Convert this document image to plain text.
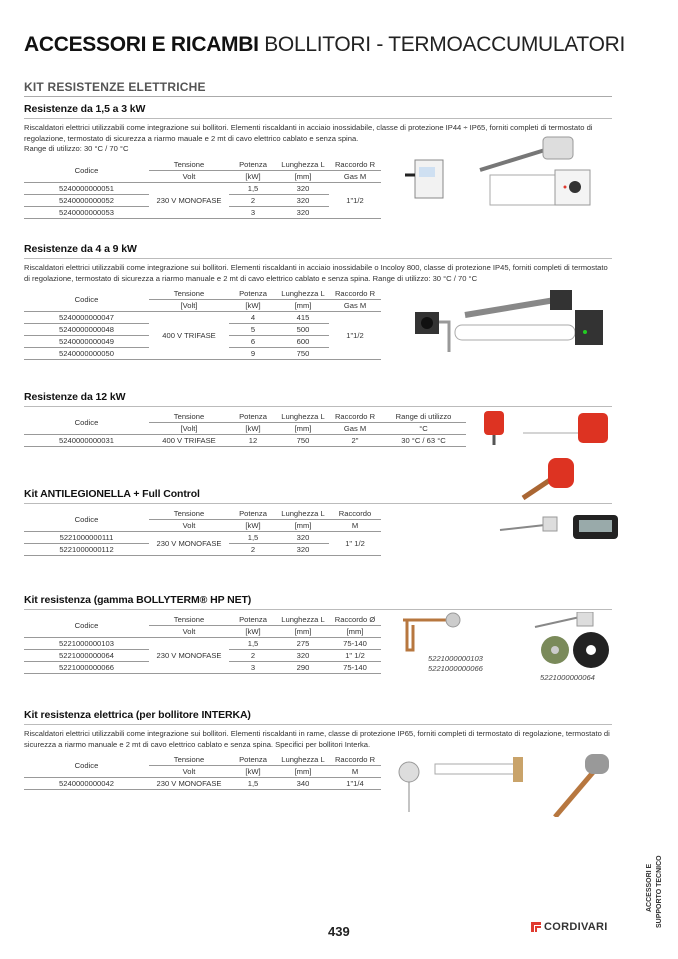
ACCESSORI E RICAMBI BOLLITORI - TERMOACCUMULATORI
KIT RESISTENZE ELETTRICHE
Resistenze da 1,5 a 3 kW

Riscaldatori elettrici utilizzabili come integrazione sui bollitori. Elementi riscaldanti in acciaio inossidabile, classe di protezione IP44 ÷ IP65, forniti completi di termostato di regolazione, termostato di sicurezza a riarmo mauale e 2 mt di cavo elettrico cablato e senza spina.

Range di utilizzo: 30 °C / 70 °C

Codice	Tensione	Potenza	Lunghezza L	Raccordo R
	Volt	[kW]	[mm]	Gas M
5240000000051	230 V MONOFASE	1,5	320	1"1/2
5240000000052		2	320	
5240000000053		3	320	
Resistenze da 4 a 9 kW

Riscaldatori elettrici utilizzabili come integrazione sui bollitori. Elementi riscaldanti in acciaio inossidabile o Incoloy 800, classe di protezione IP45, forniti completi di termostato di regolazione, termostato di sicurezza a riarmo manuale e 2 mt di cavo elettrico cablato e senza spina. Range di utilizzo: 30 °C / 70 °C

Codice	Tensione	Potenza	Lunghezza L	Raccordo R
	[Volt]	[kW]	[mm]	Gas M
5240000000047	400 V TRIFASE	4	415	1"1/2
5240000000048		5	500	
5240000000049		6	600	
5240000000050		9	750	
Resistenze da 12 kW
Codice	Tensione	Potenza	Lunghezza L	Raccordo R	Range di utilizzo
	[Volt]	[kW]	[mm]	Gas M	°C
5240000000031	400 V TRIFASE	12	750	2"	30 °C / 63 °C
Kit ANTILEGIONELLA + Full Control
Codice	Tensione	Potenza	Lunghezza L	Raccordo
	Volt	[kW]	[mm]	M
5221000000111	230 V MONOFASE	1,5	320	1" 1/2
5221000000112		2	320	
Kit resistenza (gamma BOLLYTERM® HP NET)
Codice	Tensione	Potenza	Lunghezza L	Raccordo Ø
	Volt	[kW]	[mm]	[mm]
5221000000103	230 V MONOFASE	1,5	275	75-140
5221000000064		2	320	1" 1/2
5221000000066		3	290	75-140
Kit resistenza elettrica (per bollitore INTERKA)

Riscaldatori elettrici utilizzabili come integrazione sui bollitori. Elementi riscaldanti in rame, classe di protezione IP65, forniti completi di termostato di regolazione, termostato di sicurezza a riarmo manuale e 2 mt di cavo elettrico cablato e senza spina. Specifici per bollitori Interka.

Codice	Tensione	Potenza	Lunghezza L	Raccordo R
	Volt	[kW]	[mm]	M
5240000000042	230 V MONOFASE	1,5	340	1"1/4
5221000000103
5221000000066
5221000000064
439	CORDIVARI
ACCESSORI E SUPPORTO TECNICO
